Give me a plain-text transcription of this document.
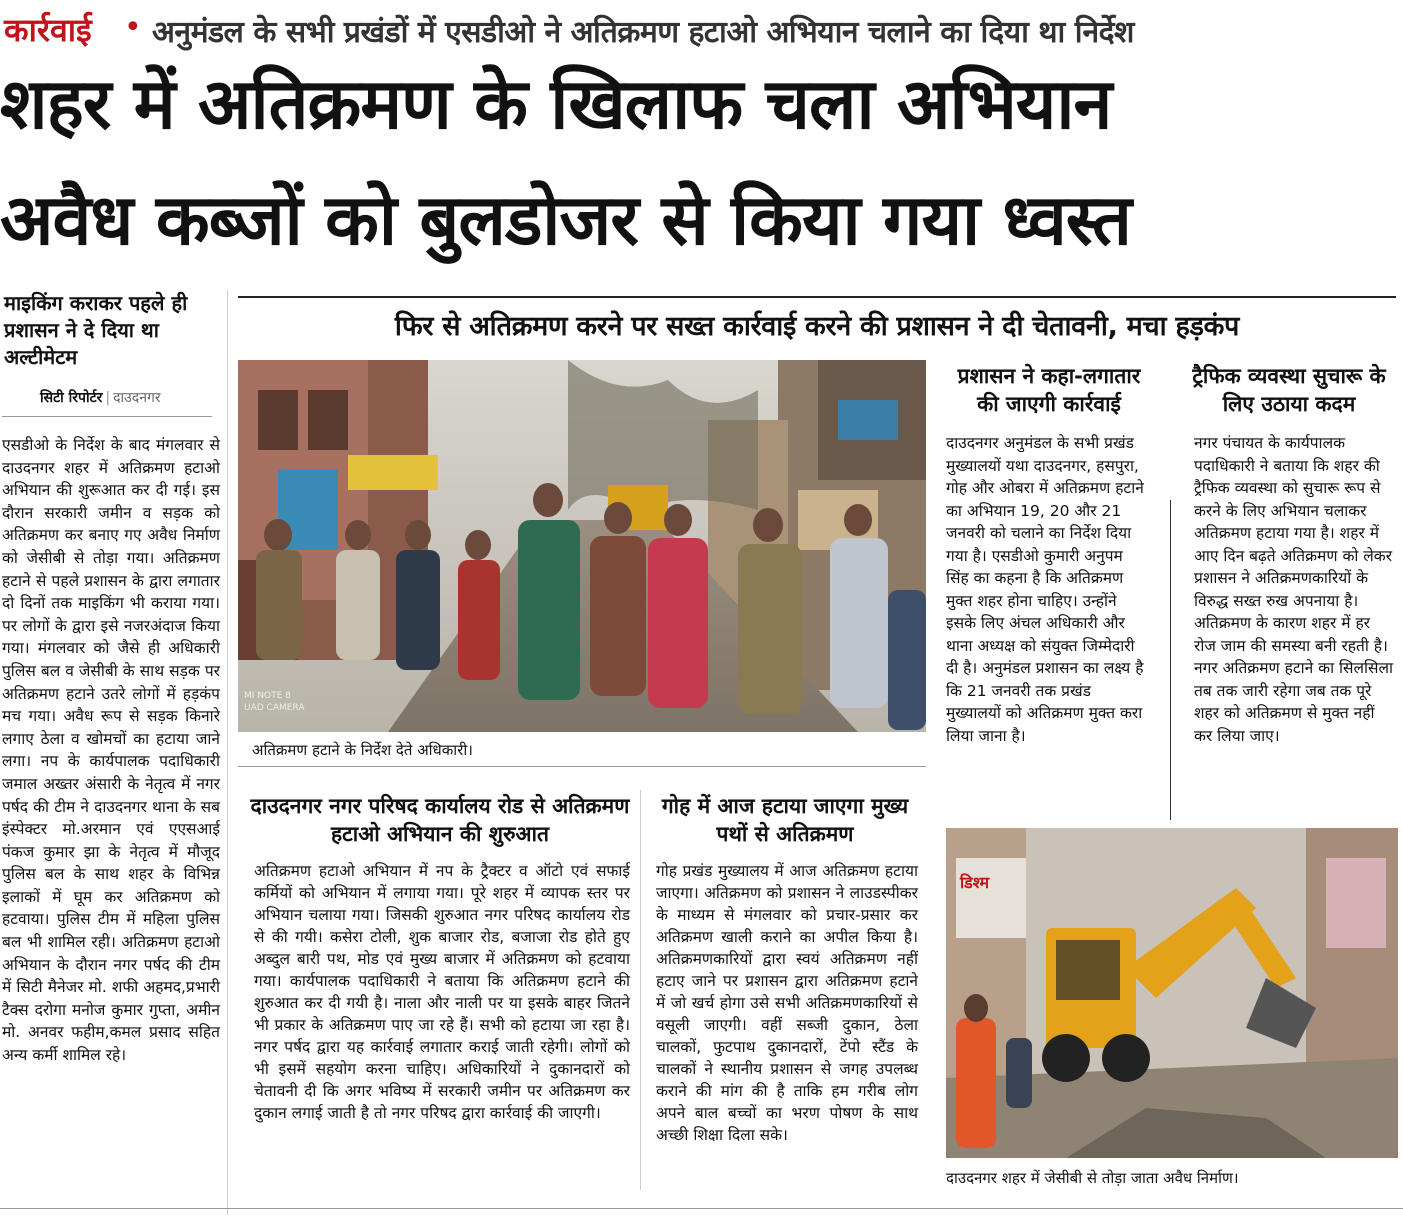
कार्रवाई • अनुमंडल के सभी प्रखंडों में एसडीओ ने अतिक्रमण हटाओ अभियान चलाने का दिया था निर्देश
शहर में अतिक्रमण के खिलाफ चला अभियान
अवैध कब्जों को बुलडोजर से किया गया ध्वस्त
माइकिंग कराकर पहले ही प्रशासन ने दे दिया था अल्टीमेटम
सिटी रिपोर्टर | दाउदनगर
एसडीओ के निर्देश के बाद मंगलवार से दाउदनगर शहर में अतिक्रमण हटाओ अभियान की शुरूआत कर दी गई। इस दौरान सरकारी जमीन व सड़क को अतिक्रमण कर बनाए गए अवैध निर्माण को जेसीबी से तोड़ा गया। अतिक्रमण हटाने से पहले प्रशासन के द्वारा लगातार दो दिनों तक माइकिंग भी कराया गया। पर लोगों के द्वारा इसे नजरअंदाज किया गया। मंगलवार को जैसे ही अधिकारी पुलिस बल व जेसीबी के साथ सड़क पर अतिक्रमण हटाने उतरे लोगों में हड़कंप मच गया। अवैध रूप से सड़क किनारे लगाए ठेला व खोमचों का हटाया जाने लगा। नप के कार्यपालक पदाधिकारी जमाल अख्तर अंसारी के नेतृत्व में नगर पर्षद की टीम ने दाउदनगर थाना के सब इंस्पेक्टर मो.अरमान एवं एएसआई पंकज कुमार झा के नेतृत्व में मौजूद पुलिस बल के साथ शहर के विभिन्न इलाकों में घूम कर अतिक्रमण को हटवाया। पुलिस टीम में महिला पुलिस बल भी शामिल रही। अतिक्रमण हटाओ अभियान के दौरान नगर पर्षद की टीम में सिटी मैनेजर मो. शफी अहमद,प्रभारी टैक्स दरोगा मनोज कुमार गुप्ता, अमीन मो. अनवर फहीम,कमल प्रसाद सहित अन्य कर्मी शामिल रहे।
फिर से अतिक्रमण करने पर सख्त कार्रवाई करने की प्रशासन ने दी चेतावनी, मचा हड़कंप
MI NOTE 8
UAD CAMERA
अतिक्रमण हटाने के निर्देश देते अधिकारी।
दाउदनगर नगर परिषद कार्यालय रोड से अतिक्रमण हटाओ अभियान की शुरुआत
अतिक्रमण हटाओ अभियान में नप के ट्रैक्टर व ऑटो एवं सफाई कर्मियों को अभियान में लगाया गया। पूरे शहर में व्यापक स्तर पर अभियान चलाया गया। जिसकी शुरुआत नगर परिषद कार्यालय रोड से की गयी। कसेरा टोली, शुक बाजार रोड, बजाजा रोड होते हुए अब्दुल बारी पथ, मोड एवं मुख्य बाजार में अतिक्रमण को हटवाया गया। कार्यपालक पदाधिकारी ने बताया कि अतिक्रमण हटाने की शुरुआत कर दी गयी है। नाला और नाली पर या इसके बाहर जितने भी प्रकार के अतिक्रमण पाए जा रहे हैं। सभी को हटाया जा रहा है। नगर पर्षद द्वारा यह कार्रवाई लगातार कराई जाती रहेगी। लोगों को भी इसमें सहयोग करना चाहिए। अधिकारियों ने दुकानदारों को चेतावनी दी कि अगर भविष्य में सरकारी जमीन पर अतिक्रमण कर दुकान लगाई जाती है तो नगर परिषद द्वारा कार्रवाई की जाएगी।
गोह में आज हटाया जाएगा मुख्य पथों से अतिक्रमण
गोह प्रखंड मुख्यालय में आज अतिक्रमण हटाया जाएगा। अतिक्रमण को प्रशासन ने लाउडस्पीकर के माध्यम से मंगलवार को प्रचार-प्रसार कर अतिक्रमण खाली कराने का अपील किया है। अतिक्रमणकारियों द्वारा स्वयं अतिक्रमण नहीं हटाए जाने पर प्रशासन द्वारा अतिक्रमण हटाने में जो खर्च होगा उसे सभी अतिक्रमणकारियों से वसूली जाएगी। वहीं सब्जी दुकान, ठेला चालकों, फुटपाथ दुकानदारों, टेंपो स्टैंड के चालकों ने स्थानीय प्रशासन से जगह उपलब्ध कराने की मांग की है ताकि हम गरीब लोग अपने बाल बच्चों का भरण पोषण के साथ अच्छी शिक्षा दिला सके।
प्रशासन ने कहा-लगातार की जाएगी कार्रवाई
दाउदनगर अनुमंडल के सभी प्रखंड मुख्यालयों यथा दाउदनगर, हसपुरा, गोह और ओबरा में अतिक्रमण हटाने का अभियान 19, 20 और 21 जनवरी को चलाने का निर्देश दिया गया है। एसडीओ कुमारी अनुपम सिंह का कहना है कि अतिक्रमण मुक्त शहर होना चाहिए। उन्होंने इसके लिए अंचल अधिकारी और थाना अध्यक्ष को संयुक्त जिम्मेदारी दी है। अनुमंडल प्रशासन का लक्ष्य है कि 21 जनवरी तक प्रखंड मुख्यालयों को अतिक्रमण मुक्त करा लिया जाना है।
ट्रैफिक व्यवस्था सुचारू के लिए उठाया कदम
नगर पंचायत के कार्यपालक पदाधिकारी ने बताया कि शहर की ट्रैफिक व्यवस्था को सुचारू रूप से करने के लिए अभियान चलाकर अतिक्रमण हटाया गया है। शहर में आए दिन बढ़ते अतिक्रमण को लेकर प्रशासन ने अतिक्रमणकारियों के विरुद्ध सख्त रुख अपनाया है। अतिक्रमण के कारण शहर में हर रोज जाम की समस्या बनी रहती है। नगर अतिक्रमण हटाने का सिलसिला तब तक जारी रहेगा जब तक पूरे शहर को अतिक्रमण से मुक्त नहीं कर लिया जाए।
डिश्म
दाउदनगर शहर में जेसीबी से तोड़ा जाता अवैध निर्माण।
